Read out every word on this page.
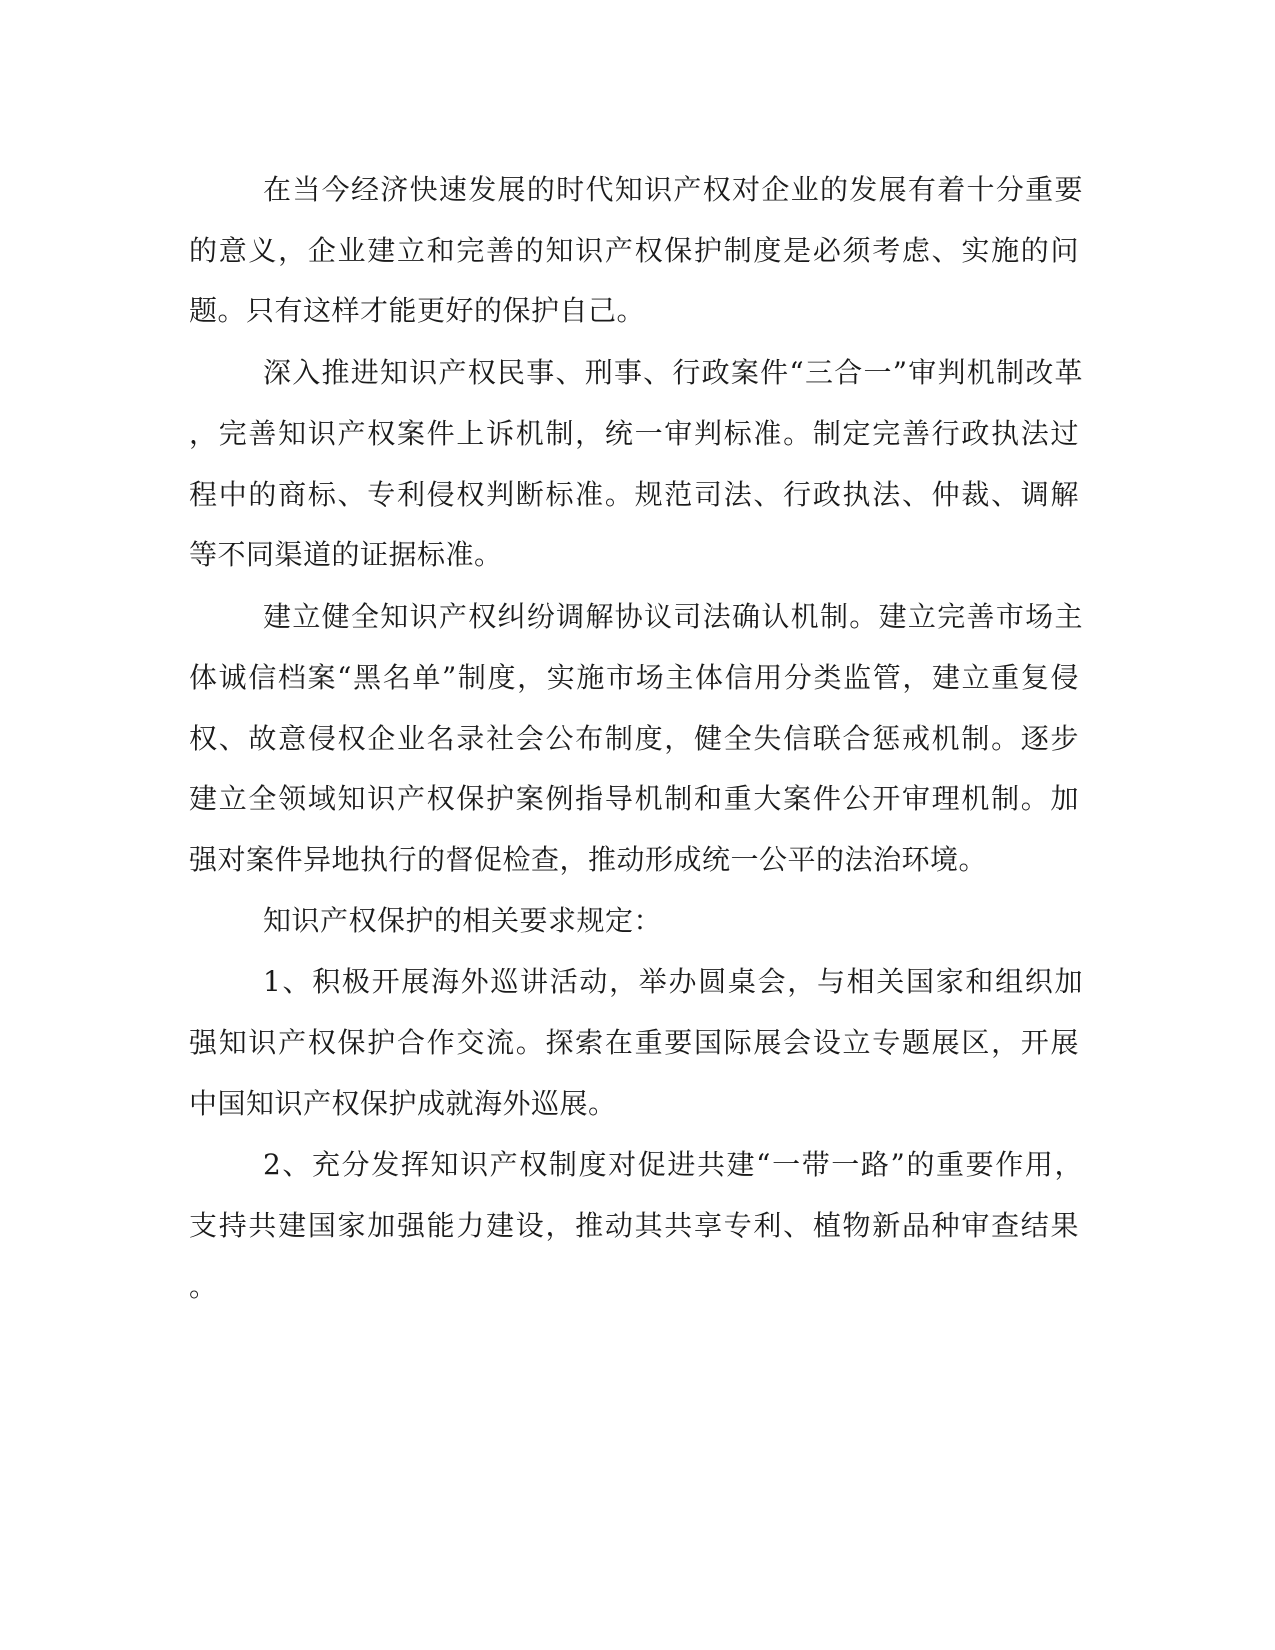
在当今经济快速发展的时代知识产权对企业的发展有着十分重要
的意义，企业建立和完善的知识产权保护制度是必须考虑、实施的问
题。只有这样才能更好的保护自己。
深入推进知识产权民事、刑事、行政案件“三合一”审判机制改革
，完善知识产权案件上诉机制，统一审判标准。制定完善行政执法过
程中的商标、专利侵权判断标准。规范司法、行政执法、仲裁、调解
等不同渠道的证据标准。
建立健全知识产权纠纷调解协议司法确认机制。建立完善市场主
体诚信档案“黑名单”制度，实施市场主体信用分类监管，建立重复侵
权、故意侵权企业名录社会公布制度，健全失信联合惩戒机制。逐步
建立全领域知识产权保护案例指导机制和重大案件公开审理机制。加
强对案件异地执行的督促检查，推动形成统一公平的法治环境。
知识产权保护的相关要求规定：
1、积极开展海外巡讲活动，举办圆桌会，与相关国家和组织加
强知识产权保护合作交流。探索在重要国际展会设立专题展区，开展
中国知识产权保护成就海外巡展。
2、充分发挥知识产权制度对促进共建“一带一路”的重要作用，
支持共建国家加强能力建设，推动其共享专利、植物新品种审查结果
。
